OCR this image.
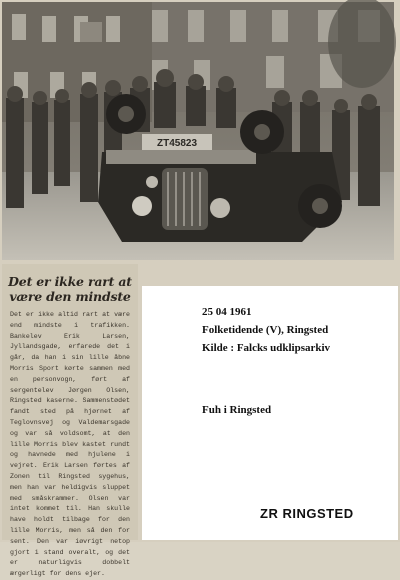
ZT45823
Det er ikke rart at være den mindste
Det er ikke altid rart at være end mindste i trafikken. Bankelev Erik Larsen, Jyllandsgade, erfarede det i går, da han i sin lille åbne Morris Sport kørte sammen med en personvogn, ført af sergentelev Jørgen Olsen, Ringsted kaserne. Sammenstødet fandt sted på hjørnet af Teglovnsvej og Valdemarsgade og var så voldsomt, at den lille Morris blev kastet rundt og havnede med hjulene i vejret. Erik Larsen førtes af Zonen til Ringsted sygehus, men han var heldigvis sluppet med småskrammer. Olsen var intet kommet til. Han skulle have holdt tilbage for den lille Morris, men så den for sent. Den var iøvrigt netop gjort i stand overalt, og det er naturligvis dobbelt ærgerligt for dens ejer.
25 04 1961
Folketidende (V), Ringsted
Kilde : Falcks udklipsarkiv
Fuh i Ringsted
ZR RINGSTED
